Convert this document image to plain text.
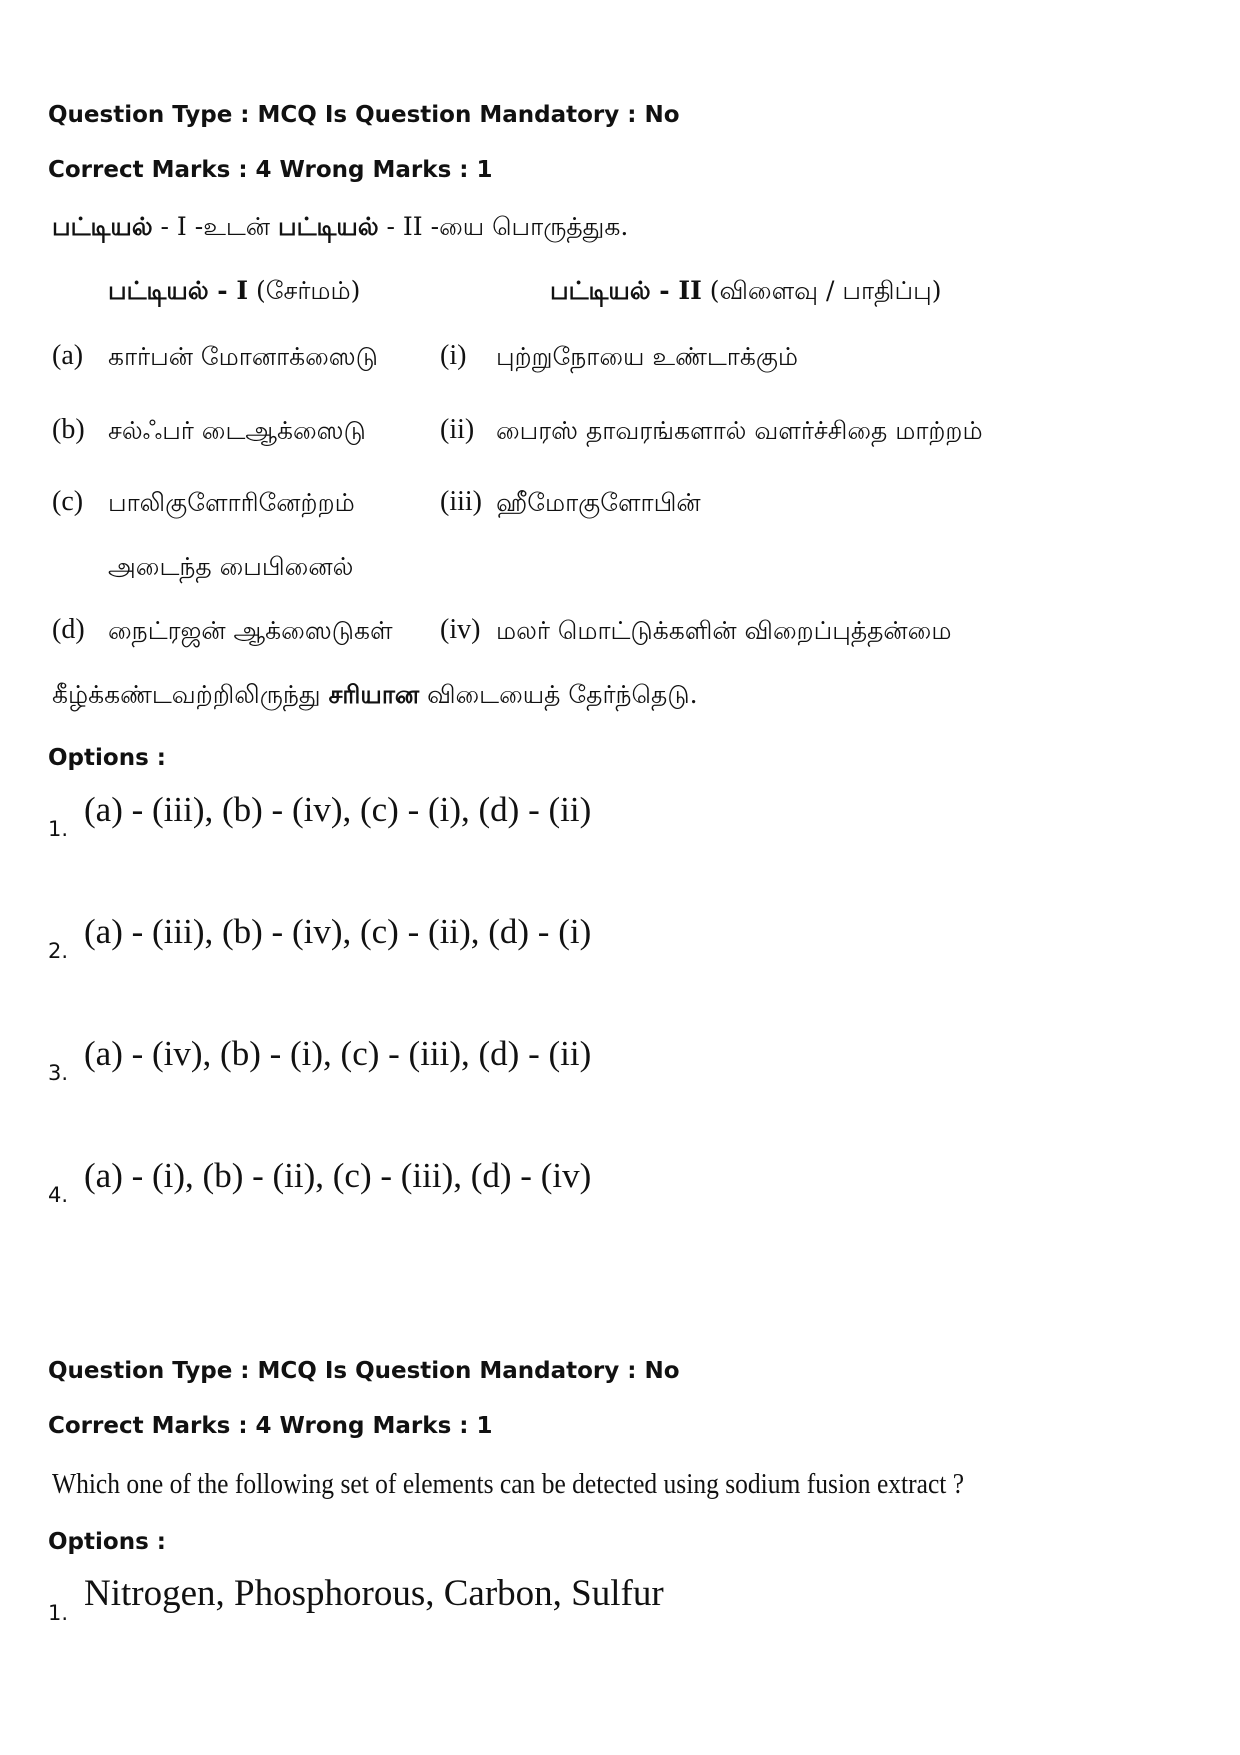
Question Type : MCQ Is Question Mandatory : No
Correct Marks : 4 Wrong Marks : 1
பட்டியல் - I -உடன் பட்டியல் - II -யை பொருத்துக.
பட்டியல் - I (சேர்மம்)	பட்டியல் - II (விளைவு / பாதிப்பு)
(a) கார்பன் மோனாக்ஸைடு (i) புற்றுநோயை உண்டாக்கும்
(b) சல்ஃபர் டைஆக்ஸைடு	(ii) பைரஸ் தாவரங்களால் வளர்ச்சிதை மாற்றம்
(c) பாலிகுளோரினேற்றம்	(iii) ஹீமோகுளோபின்
அடைந்த பைபினைல்
(d) நைட்ரஜன் ஆக்ஸைடுகள் (iv) மலர் மொட்டுக்களின் விறைப்புத்தன்மை
கீழ்க்கண்டவற்றிலிருந்து சரியான விடையைத் தேர்ந்தெடு.
Options :
1. (a) - (iii), (b) - (iv), (c) - (i), (d) - (ii)
2. (a) - (iii), (b) - (iv), (c) - (ii), (d) - (i)
3. (a) - (iv), (b) - (i), (c) - (iii), (d) - (ii)
4. (a) - (i), (b) - (ii), (c) - (iii), (d) - (iv)
Question Type : MCQ Is Question Mandatory : No
Correct Marks : 4 Wrong Marks : 1
Which one of the following set of elements can be detected using sodium fusion extract ?
Options :
1. Nitrogen, Phosphorous, Carbon, Sulfur
